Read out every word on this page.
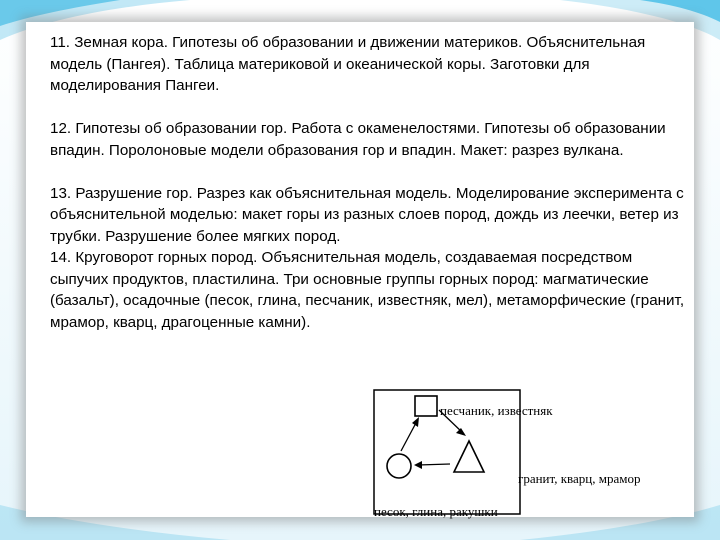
11. Земная кора. Гипотезы об образовании и движении материков. Объяснительная модель (Пангея). Таблица материковой и океанической коры. Заготовки для моделирования Пангеи.

12. Гипотезы об образовании гор. Работа с окаменелостями. Гипотезы об образовании впадин. Поролоновые модели образования гор и впадин. Макет: разрез вулкана.

13. Разрушение гор. Разрез как объяснительная модель. Моделирование эксперимента с объяснительной моделью: макет горы из разных слоев пород, дождь из леечки, ветер из трубки. Разрушение более мягких пород.

14. Круговорот горных пород. Объяснительная модель, создаваемая посредством сыпучих продуктов, пластилина. Три основные группы горных пород: магматические (базальт), осадочные (песок, глина, песчаник, известняк, мел), метаморфические (гранит, мрамор, кварц, драгоценные камни).

песчаник, известняк
гранит, кварц, мрамор
песок, глина, ракушки
